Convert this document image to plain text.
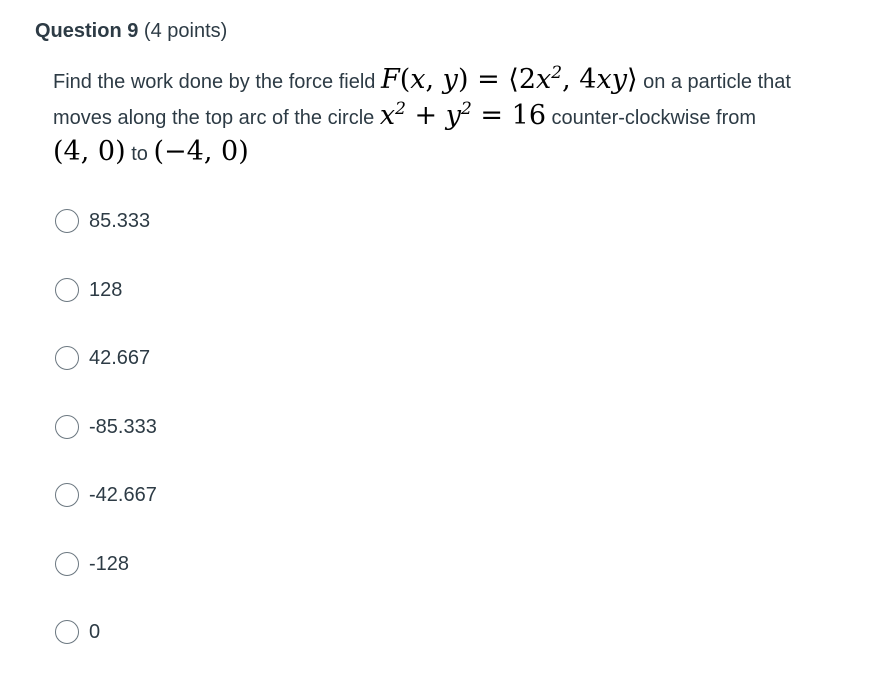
Question 9 (4 points)
Find the work done by the force field F(x, $y) = ⟨2x^2$, 4xy⟩ on a particle that
moves along the top arc of the circle $x^2 + y^2 = 16$ counter-clockwise from
(4, 0) to (−4, 0)
85.333
128
42.667
-85.333
-42.667
-128
0
